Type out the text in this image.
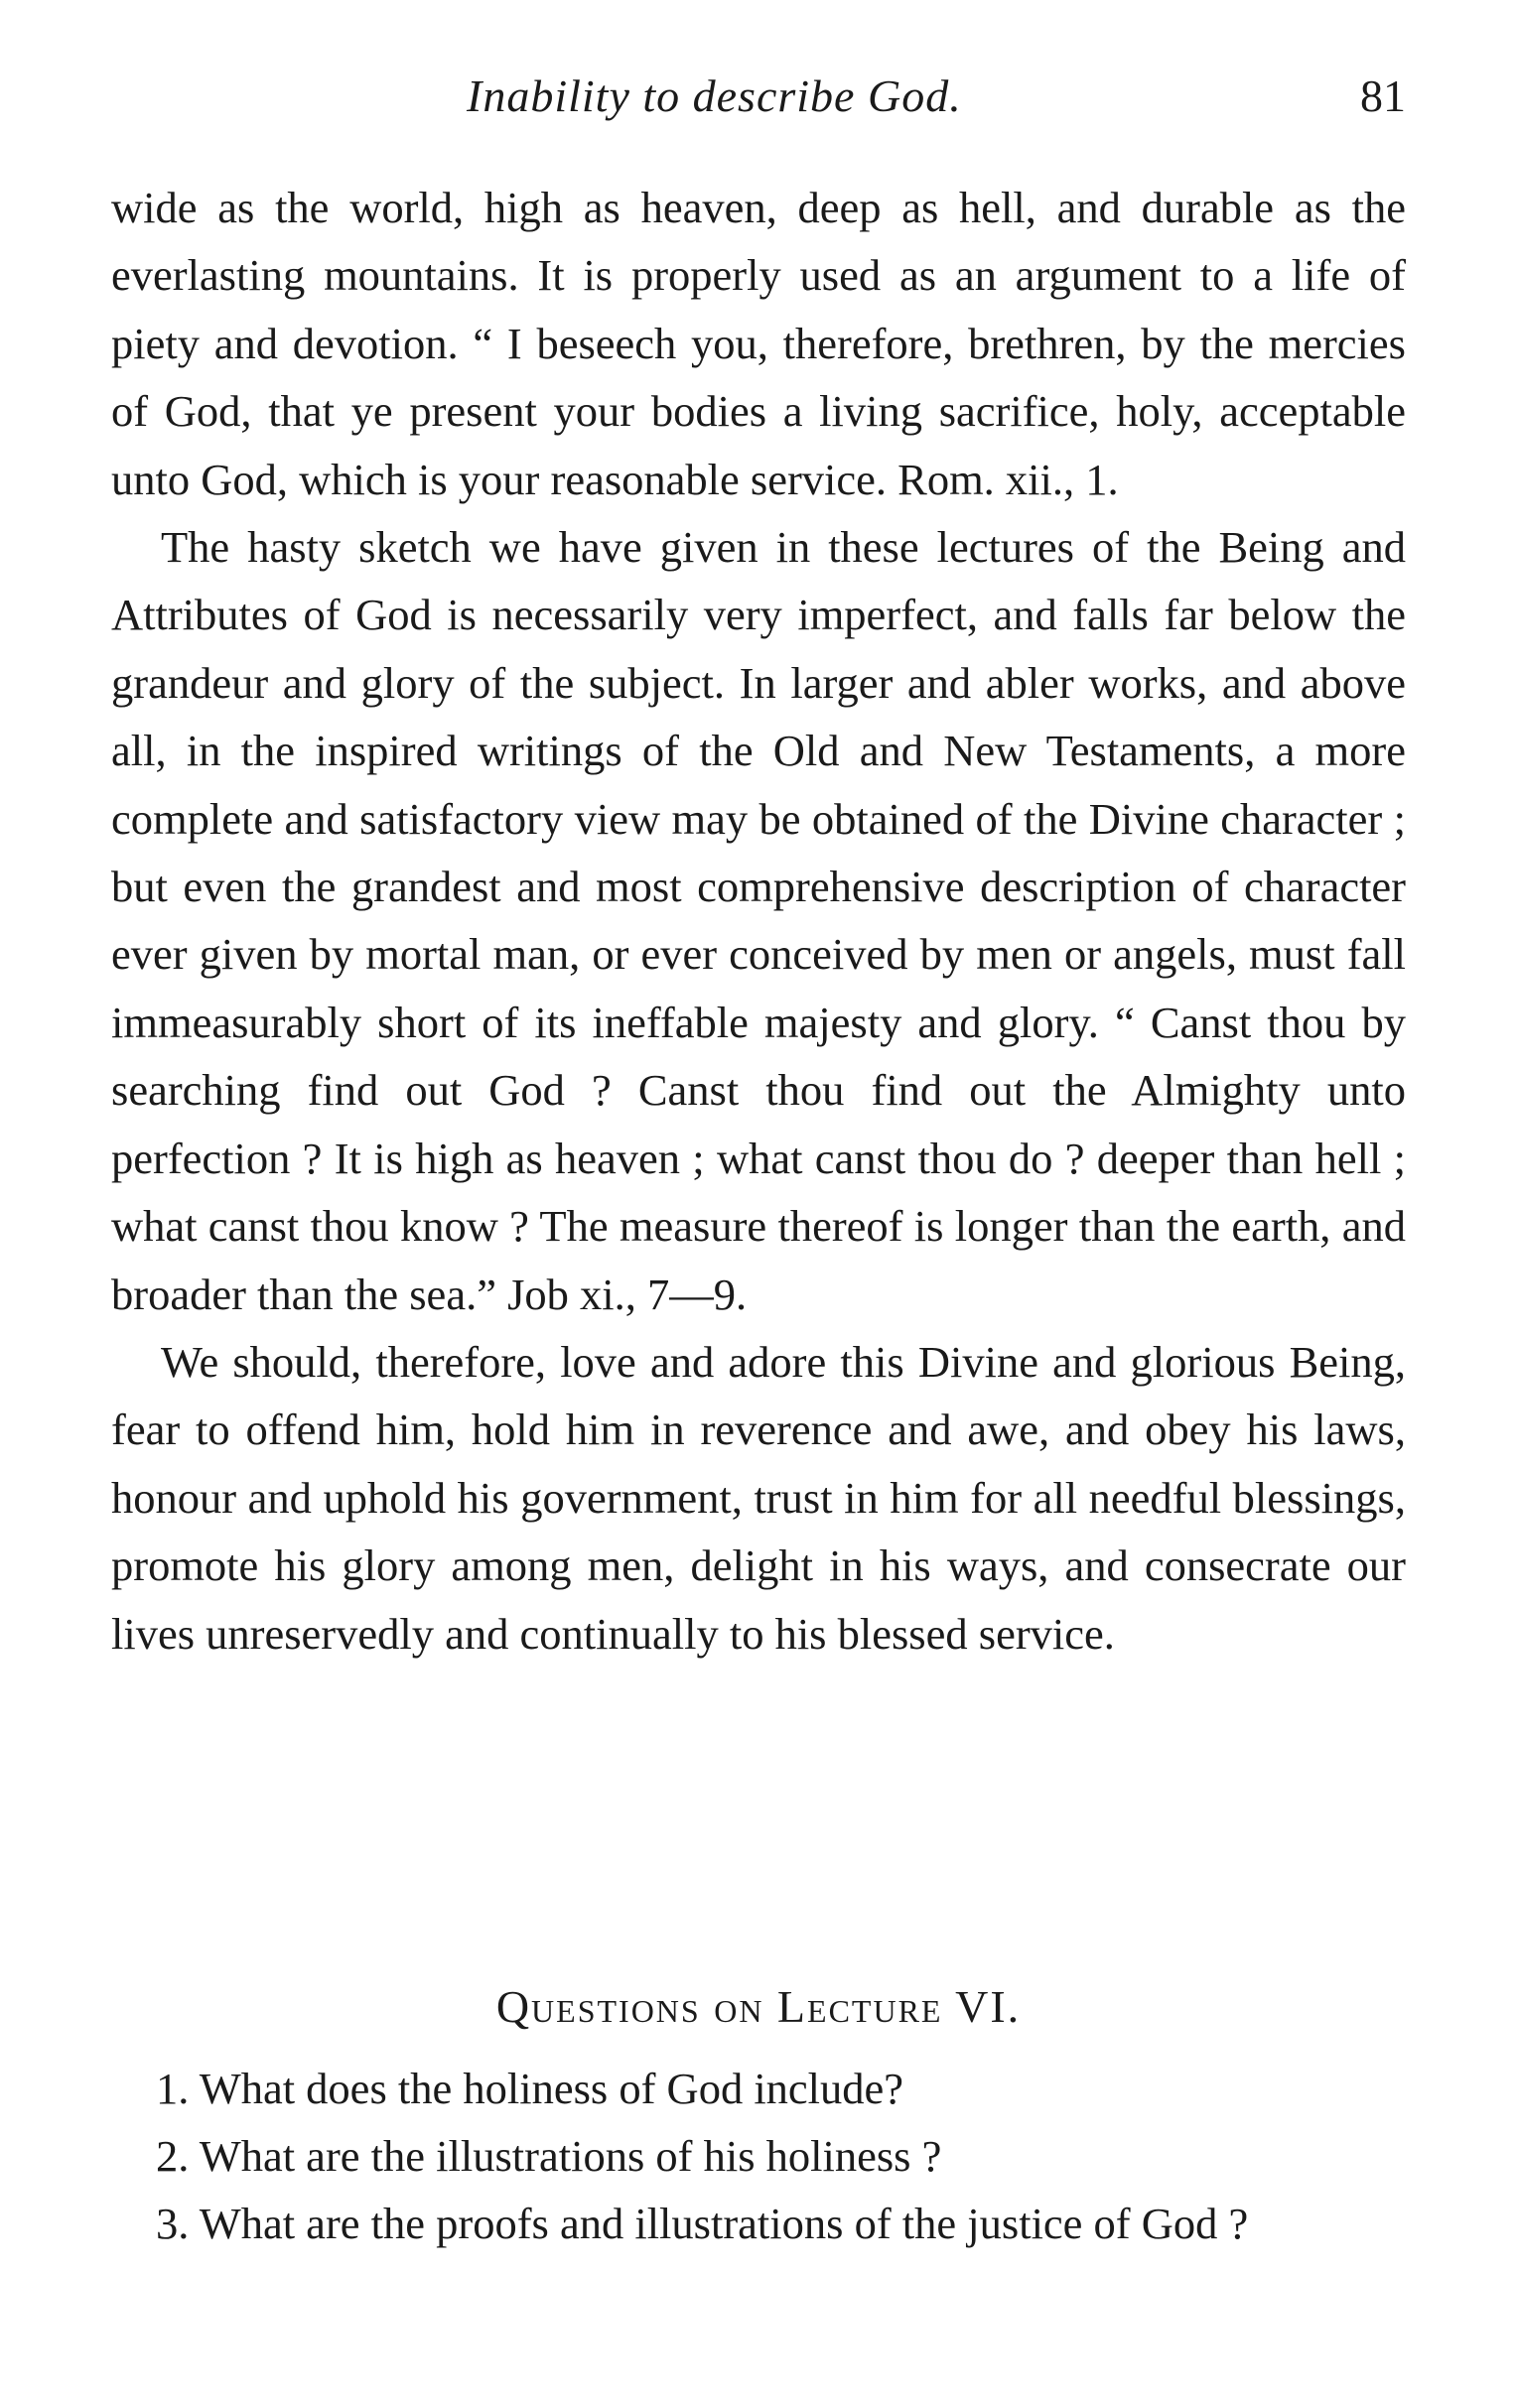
Inability to describe God.	81

wide as the world, high as heaven, deep as hell, and durable as the everlasting mountains. It is properly used as an argument to a life of piety and devotion. “ I beseech you, therefore, brethren, by the mercies of God, that ye present your bodies a living sacrifice, holy, acceptable unto God, which is your reasonable service. Rom. xii., 1.

The hasty sketch we have given in these lectures of the Being and Attributes of God is necessarily very imperfect, and falls far below the grandeur and glory of the subject. In larger and abler works, and above all, in the inspired writings of the Old and New Testaments, a more complete and satisfactory view may be obtained of the Divine character ; but even the grandest and most comprehensive description of character ever given by mortal man, or ever conceived by men or angels, must fall immeasurably short of its ineffable majesty and glory. “ Canst thou by searching find out God ? Canst thou find out the Almighty unto perfection ? It is high as heaven ; what canst thou do ? deeper than hell ; what canst thou know ? The measure thereof is longer than the earth, and broader than the sea.” Job xi., 7—9.

We should, therefore, love and adore this Divine and glorious Being, fear to offend him, hold him in reverence and awe, and obey his laws, honour and uphold his government, trust in him for all needful blessings, promote his glory among men, delight in his ways, and consecrate our lives unreservedly and continually to his blessed service.

Questions on Lecture VI.

1. What does the holiness of God include?

2. What are the illustrations of his holiness ?

3. What are the proofs and illustrations of the justice of God ?
